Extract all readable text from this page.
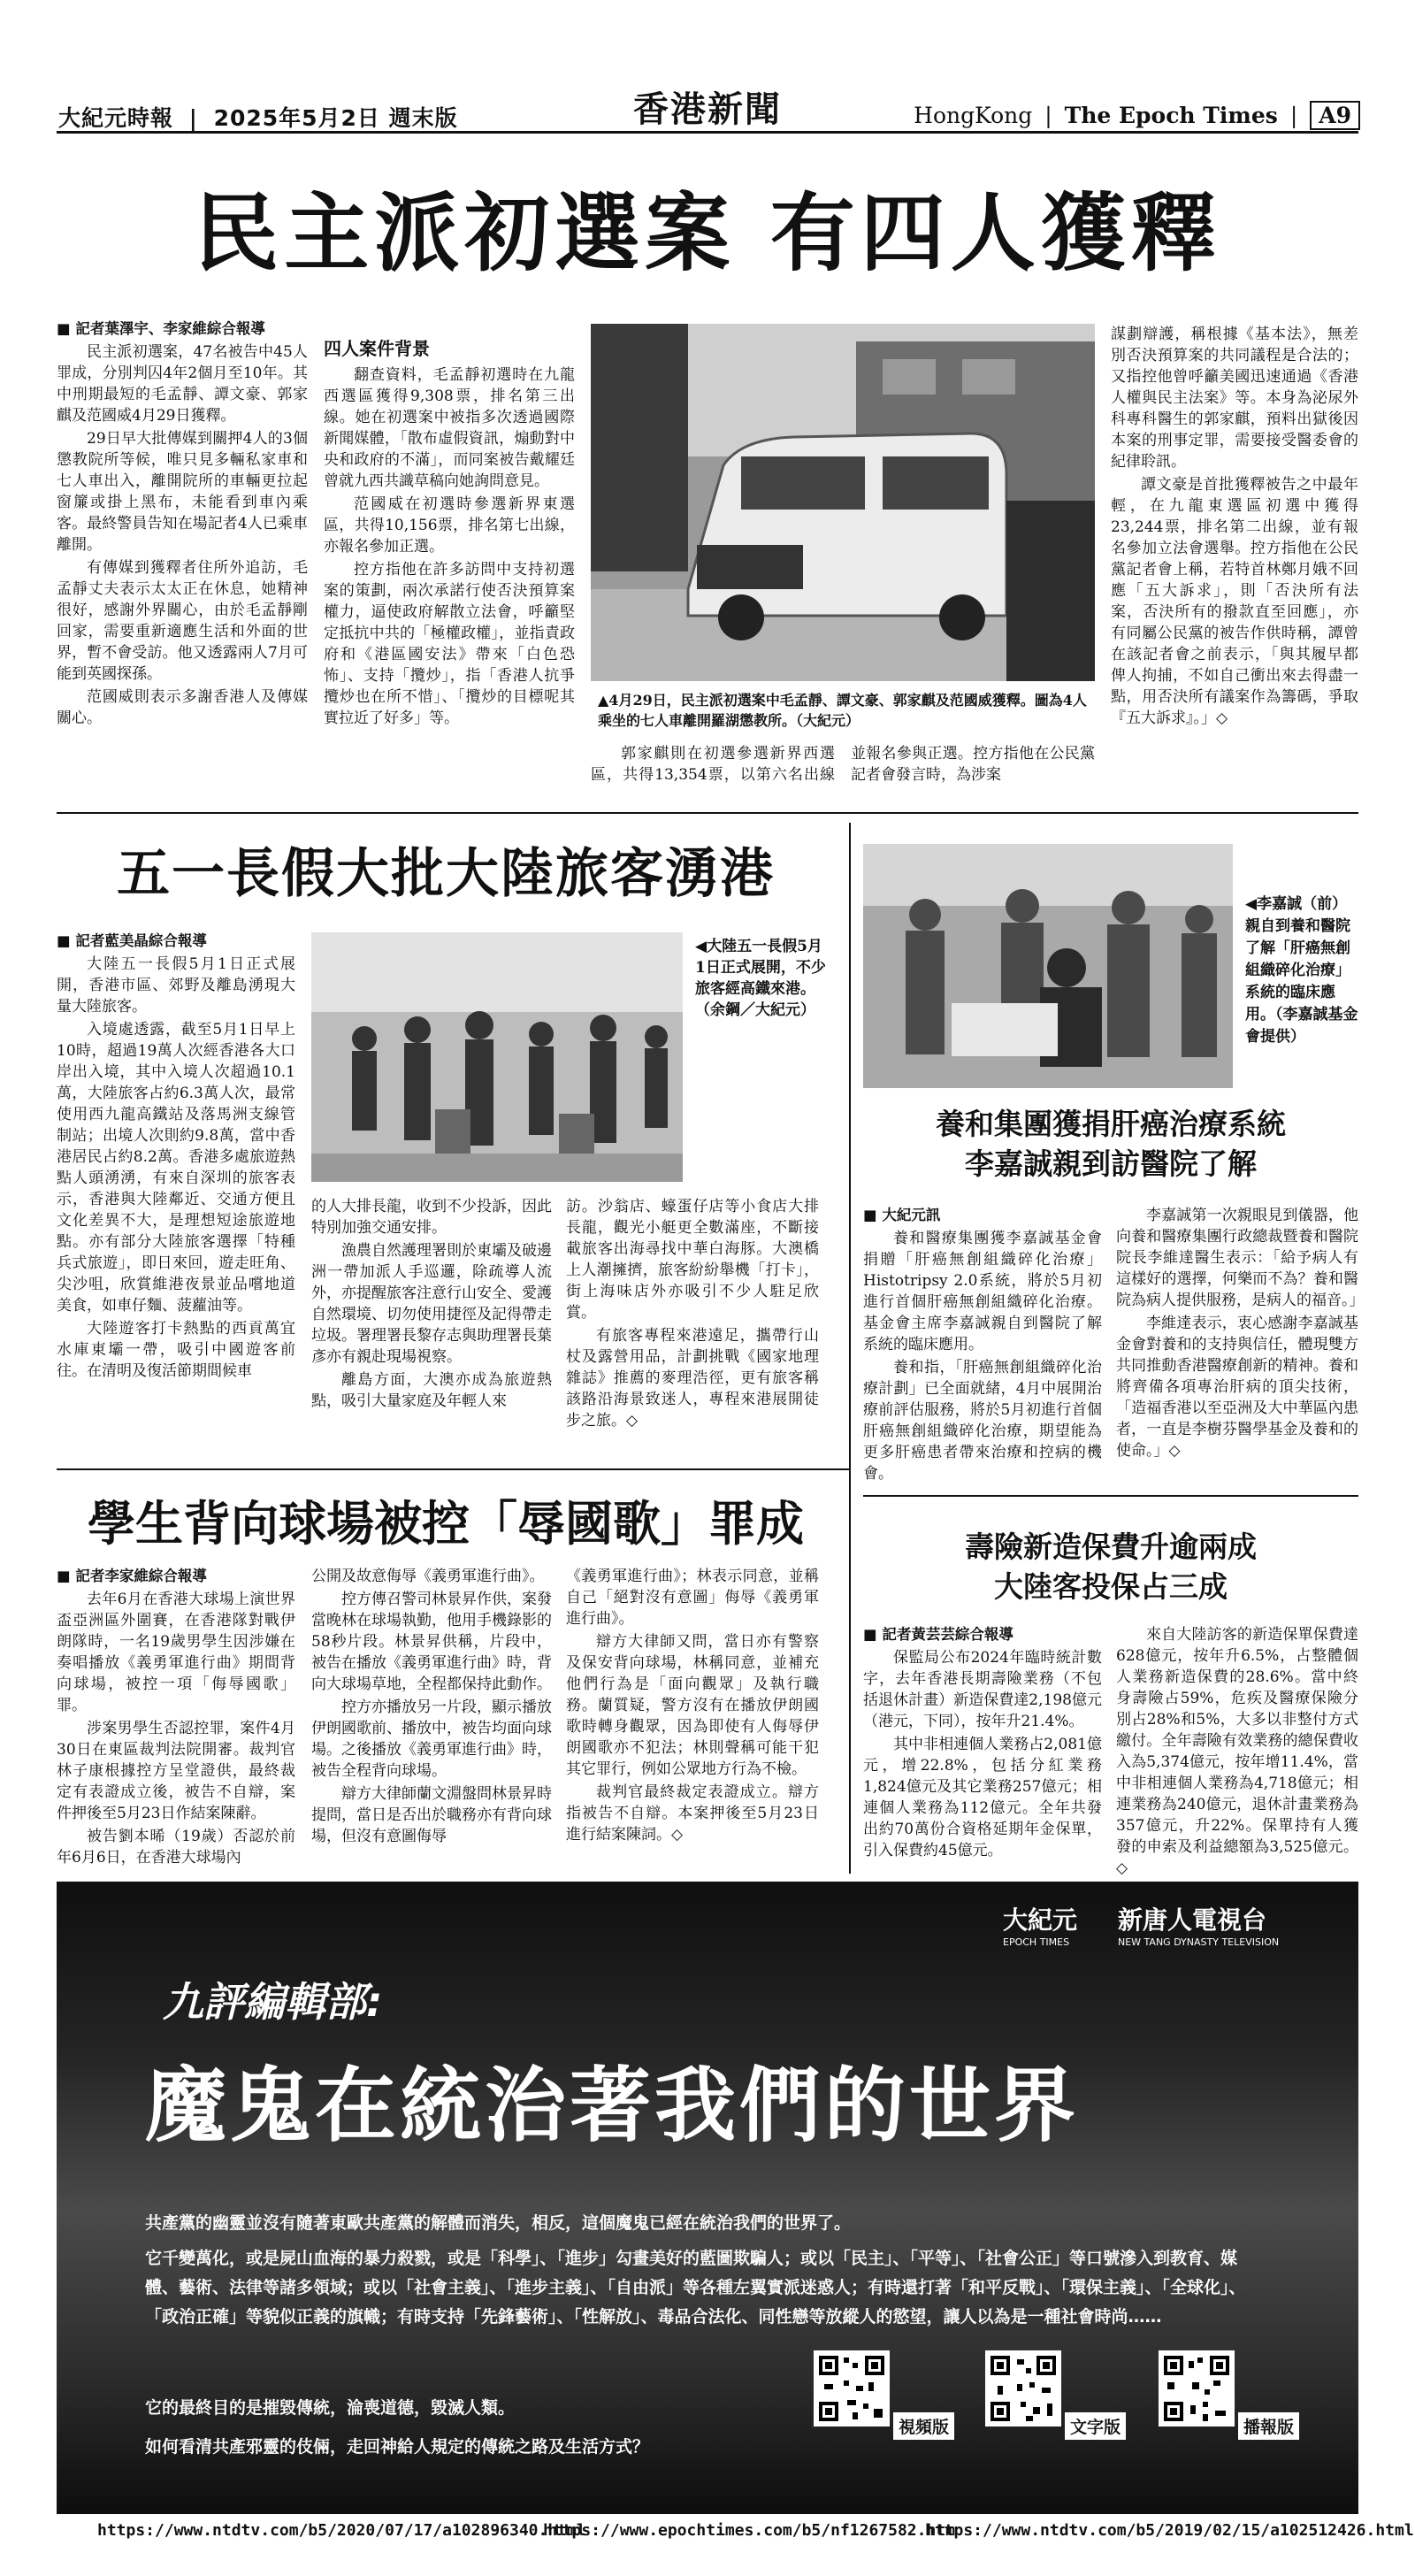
大紀元時報 | 2025年5月2日 週末版	香港新聞	HongKong | The Epoch Times | A9
民主派初選案 有四人獲釋
■ 記者葉澤宇、李家維綜合報導

民主派初選案，47名被告中45人罪成，分別判囚4年2個月至10年。其中刑期最短的毛孟靜、譚文豪、郭家麒及范國威4月29日獲釋。

29日早大批傳媒到關押4人的3個懲教院所等候，唯只見多輛私家車和七人車出入，離開院所的車輛更拉起窗簾或掛上黑布，未能看到車內乘客。最終警員告知在場記者4人已乘車離開。

有傳媒到獲釋者住所外追訪，毛孟靜丈夫表示太太正在休息，她精神很好，感謝外界關心，由於毛孟靜剛回家，需要重新適應生活和外面的世界，暫不會受訪。他又透露兩人7月可能到英國探孫。

范國威則表示多謝香港人及傳媒關心。

四人案件背景

翻查資料，毛孟靜初選時在九龍西選區獲得9,308票，排名第三出線。她在初選案中被指多次透過國際新聞媒體，「散布虛假資訊，煽動對中央和政府的不滿」，而同案被告戴耀廷曾就九西共識草稿向她詢問意見。

范國威在初選時參選新界東選區，共得10,156票，排名第七出線，亦報名參加正選。

控方指他在許多訪問中支持初選案的策劃，兩次承諾行使否決預算案權力，逼使政府解散立法會，呼籲堅定抵抗中共的「極權政權」，並指責政府和《港區國安法》帶來「白色恐怖」、支持「攬炒」，指「香港人抗爭攬炒也在所不惜」、「攬炒的目標呢其實拉近了好多」等。

▲4月29日，民主派初選案中毛孟靜、譚文豪、郭家麒及范國威獲釋。圖為4人乘坐的七人車離開羅湖懲教所。（大紀元）

郭家麒則在初選參選新界西選區，共得13,354票，以第六名出線並報名參與正選。控方指他在公民黨記者會發言時，為涉案

謀劃辯護，稱根據《基本法》，無差別否決預算案的共同議程是合法的；又指控他曾呼籲美國迅速通過《香港人權與民主法案》等。本身為泌尿外科專科醫生的郭家麒，預料出獄後因本案的刑事定罪，需要接受醫委會的紀律聆訊。

譚文豪是首批獲釋被告之中最年輕，在九龍東選區初選中獲得23,244票，排名第二出線，並有報名參加立法會選舉。控方指他在公民黨記者會上稱，若特首林鄭月娥不回應「五大訴求」，則「否決所有法案，否決所有的撥款直至回應」，亦有同屬公民黨的被告作供時稱，譚曾在該記者會之前表示，「與其履早都俾人拘捕，不如自己衝出來去得盡一點，用否決所有議案作為籌碼，爭取『五大訴求』。」◇

五一長假大批大陸旅客湧港
■ 記者藍美晶綜合報導

大陸五一長假5月1日正式展開，香港市區、郊野及離島湧現大量大陸旅客。

入境處透露，截至5月1日早上10時，超過19萬人次經香港各大口岸出入境，其中入境人次超過10.1萬，大陸旅客占約6.3萬人次，最常使用西九龍高鐵站及落馬洲支線管制站；出境人次則約9.8萬，當中香港居民占約8.2萬。香港多處旅遊熱點人頭湧湧，有來自深圳的旅客表示，香港與大陸鄰近、交通方便且文化差異不大，是理想短途旅遊地點。亦有部分大陸旅客選擇「特種兵式旅遊」，即日來回，遊走旺角、尖沙咀，欣賞維港夜景並品嚐地道美食，如車仔麵、菠蘿油等。

大陸遊客打卡熱點的西貢萬宜水庫東壩一帶，吸引中國遊客前往。在清明及復活節期間候車

◀大陸五一長假5月1日正式展開，不少旅客經高鐵來港。（余鋼／大紀元）

的人大排長龍，收到不少投訴，因此特別加強交通安排。

漁農自然護理署則於東壩及破邊洲一帶加派人手巡邏，除疏導人流外，亦提醒旅客注意行山安全、愛護自然環境、切勿使用捷徑及記得帶走垃圾。署理署長黎存志與助理署長葉彥亦有親赴現場視察。

離島方面，大澳亦成為旅遊熱點，吸引大量家庭及年輕人來

訪。沙翁店、蠔蛋仔店等小食店大排長龍，觀光小艇更全數滿座，不斷接載旅客出海尋找中華白海豚。大澳橋上人潮擁擠，旅客紛紛舉機「打卡」，街上海味店外亦吸引不少人駐足欣賞。

有旅客專程來港遠足，攜帶行山杖及露營用品，計劃挑戰《國家地理雜誌》推薦的麥理浩徑，更有旅客稱該路沿海景致迷人，專程來港展開徒步之旅。◇

◀李嘉誠（前）親自到養和醫院了解「肝癌無創組織碎化治療」系統的臨床應用。（李嘉誠基金會提供）
養和集團獲捐肝癌治療系統
李嘉誠親到訪醫院了解
■ 大紀元訊

養和醫療集團獲李嘉誠基金會捐贈「肝癌無創組織碎化治療」Histotripsy 2.0系統，將於5月初進行首個肝癌無創組織碎化治療。基金會主席李嘉誠親自到醫院了解系統的臨床應用。

養和指，「肝癌無創組織碎化治療計劃」已全面就緒，4月中展開治療前評估服務，將於5月初進行首個肝癌無創組織碎化治療，期望能為更多肝癌患者帶來治療和控病的機會。

李嘉誠第一次親眼見到儀器，他向養和醫療集團行政總裁暨養和醫院院長李維達醫生表示：「給予病人有這樣好的選擇，何樂而不為？養和醫院為病人提供服務，是病人的福音。」

李維達表示，衷心感謝李嘉誠基金會對養和的支持與信任，體現雙方共同推動香港醫療創新的精神。養和將齊備各項專治肝病的頂尖技術，「造福香港以至亞洲及大中華區內患者，一直是李樹芬醫學基金及養和的使命。」◇

學生背向球場被控「辱國歌」罪成
■ 記者李家維綜合報導

去年6月在香港大球場上演世界盃亞洲區外圍賽，在香港隊對戰伊朗隊時，一名19歲男學生因涉嫌在奏唱播放《義勇軍進行曲》期間背向球場，被控一項「侮辱國歌」罪。

涉案男學生否認控罪，案件4月30日在東區裁判法院開審。裁判官林子康根據控方呈堂證供，最終裁定有表證成立後，被告不自辯，案件押後至5月23日作結案陳辭。

被告劉本晞（19歲）否認於前年6月6日，在香港大球場內

公開及故意侮辱《義勇軍進行曲》。

控方傳召警司林景昇作供，案發當晚林在球場執勤，他用手機錄影的58秒片段。林景昇供稱，片段中，被告在播放《義勇軍進行曲》時，背向大球場草地，全程都保持此動作。

控方亦播放另一片段，顯示播放伊朗國歌前、播放中，被告均面向球場。之後播放《義勇軍進行曲》時，被告全程背向球場。

辯方大律師蘭文淵盤問林景昇時提問，當日是否出於職務亦有背向球場，但沒有意圖侮辱

《義勇軍進行曲》；林表示同意，並稱自己「絕對沒有意圖」侮辱《義勇軍進行曲》。

辯方大律師又問，當日亦有警察及保安背向球場，林稱同意，並補充他們行為是「面向觀眾」及執行職務。蘭質疑，警方沒有在播放伊朗國歌時轉身觀眾，因為即使有人侮辱伊朗國歌亦不犯法；林則聲稱可能干犯其它罪行，例如公眾地方行為不檢。

裁判官最終裁定表證成立。辯方指被告不自辯。本案押後至5月23日進行結案陳詞。◇

壽險新造保費升逾兩成
大陸客投保占三成
■ 記者黃芸芸綜合報導

保監局公布2024年臨時統計數字，去年香港長期壽險業務（不包括退休計畫）新造保費達2,198億元（港元，下同），按年升21.4%。

其中非相連個人業務占2,081億元，增22.8%，包括分紅業務1,824億元及其它業務257億元；相連個人業務為112億元。全年共發出約70萬份合資格延期年金保單，引入保費約45億元。

來自大陸訪客的新造保單保費達628億元，按年升6.5%，占整體個人業務新造保費的28.6%。當中終身壽險占59%，危疾及醫療保險分別占28%和5%，大多以非整付方式繳付。全年壽險有效業務的總保費收入為5,374億元，按年增11.4%，當中非相連個人業務為4,718億元；相連業務為240億元，退休計畫業務為357億元，升22%。保單持有人獲發的申索及利益總額為3,525億元。◇

大紀元
EPOCH TIMES
新唐人電視台
NEW TANG DYNASTY TELEVISION
九評編輯部:
魔鬼在統治著我們的世界
共產黨的幽靈並沒有隨著東歐共產黨的解體而消失，相反，這個魔鬼已經在統治我們的世界了。
它千變萬化，或是屍山血海的暴力殺戮，或是「科學」、「進步」勾畫美好的藍圖欺騙人；或以「民主」、「平等」、「社會公正」等口號滲入到教育、媒體、藝術、法律等諸多領域；或以「社會主義」、「進步主義」、「自由派」等各種左翼實派迷惑人；有時還打著「和平反戰」、「環保主義」、「全球化」、「政治正確」等貌似正義的旗幟；有時支持「先鋒藝術」、「性解放」、毒品合法化、同性戀等放縱人的慾望，讓人以為是一種社會時尚……
它的最終目的是摧毀傳統，淪喪道德，毀滅人類。
如何看清共產邪靈的伎倆，走回神給人規定的傳統之路及生活方式？
視頻版	文字版	播報版
https://www.ntdtv.com/b5/2020/07/17/a102896340.html
https://www.epochtimes.com/b5/nf1267582.htm
https://www.ntdtv.com/b5/2019/02/15/a102512426.html
